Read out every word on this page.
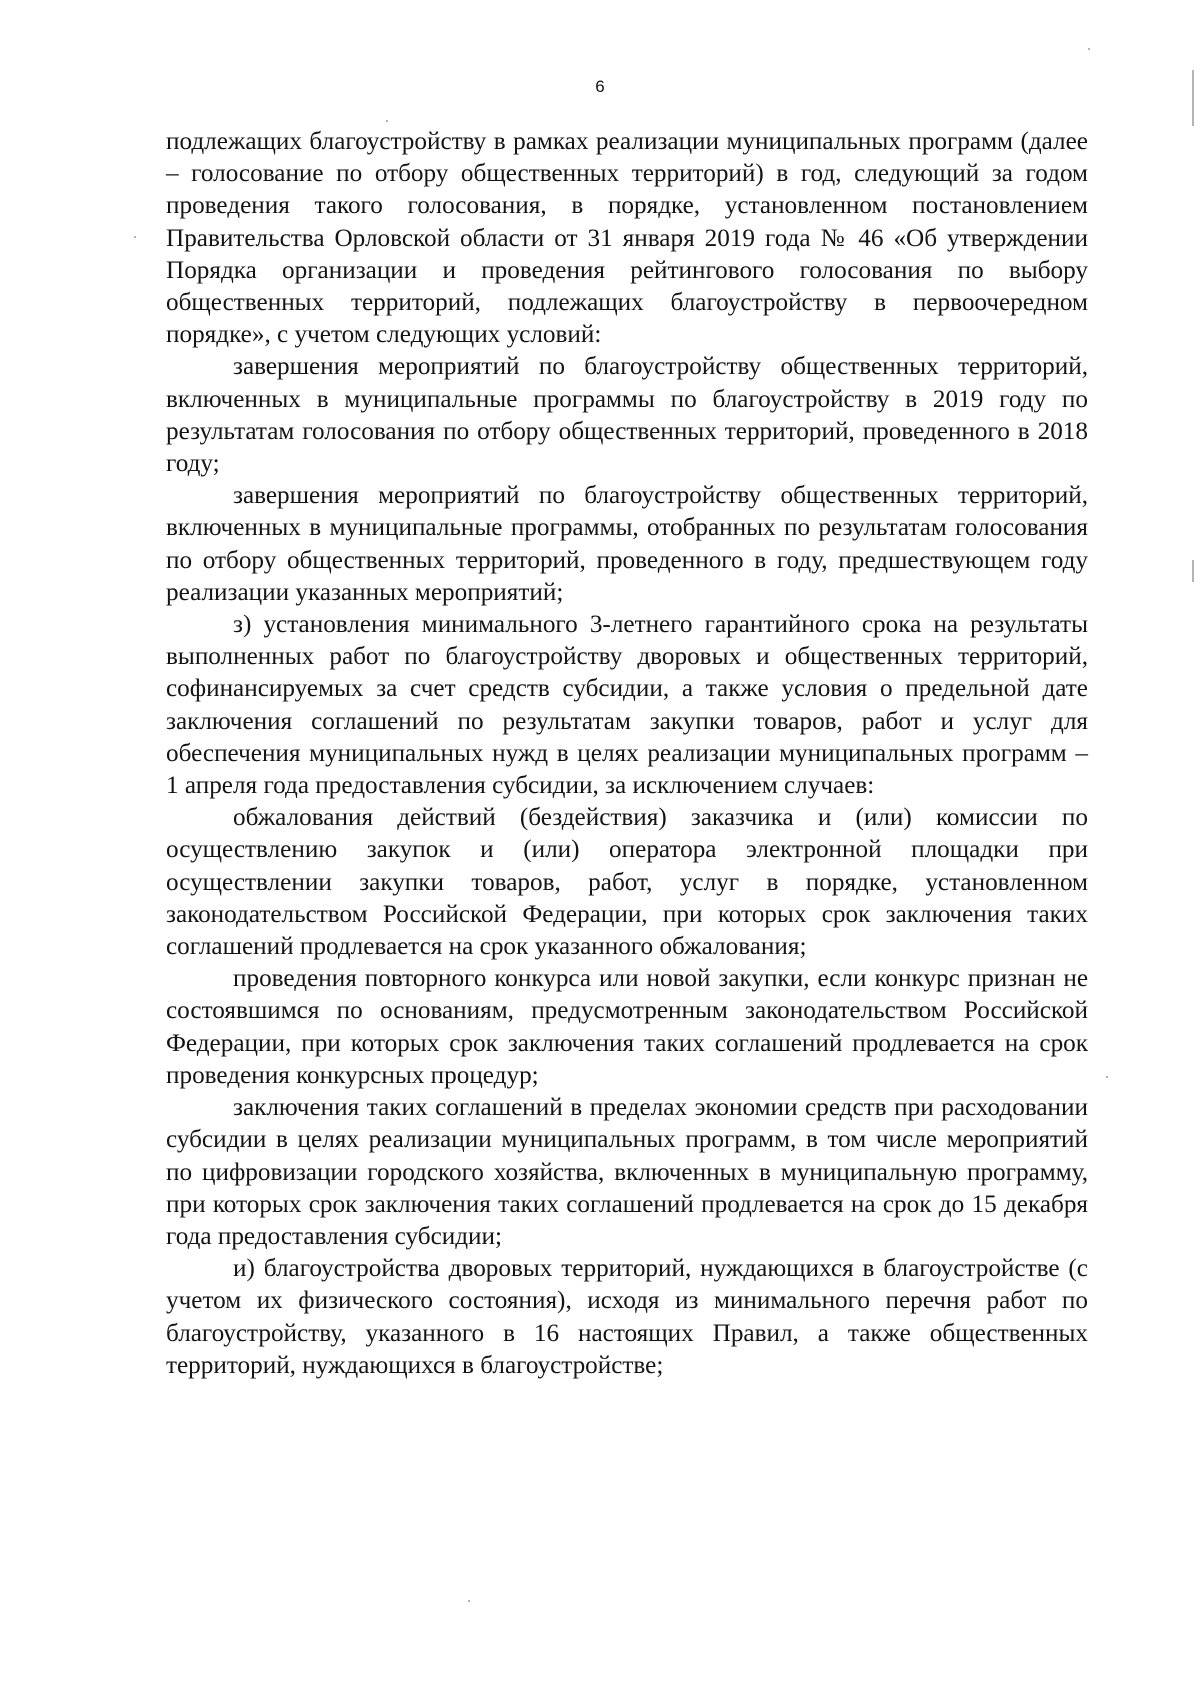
6

подлежащих благоустройству в рамках реализации муниципальных программ (далее – голосование по отбору общественных территорий) в год, следующий за годом проведения такого голосования, в порядке, установленном постановлением Правительства Орловской области от 31 января 2019 года № 46 «Об утверждении Порядка организации и проведения рейтингового голосования по выбору общественных территорий, подлежащих благоустройству в первоочередном порядке», с учетом следующих условий:

завершения мероприятий по благоустройству общественных территорий, включенных в муниципальные программы по благоустройству в 2019 году по результатам голосования по отбору общественных территорий, проведенного в 2018 году;

завершения мероприятий по благоустройству общественных территорий, включенных в муниципальные программы, отобранных по результатам голосования по отбору общественных территорий, проведенного в году, предшествующем году реализации указанных мероприятий;

з) установления минимального 3-летнего гарантийного срока на результаты выполненных работ по благоустройству дворовых и общественных территорий, софинансируемых за счет средств субсидии, а также условия о предельной дате заключения соглашений по результатам закупки товаров, работ и услуг для обеспечения муниципальных нужд в целях реализации муниципальных программ – 1 апреля года предоставления субсидии, за исключением случаев:

обжалования действий (бездействия) заказчика и (или) комиссии по осуществлению закупок и (или) оператора электронной площадки при осуществлении закупки товаров, работ, услуг в порядке, установленном законодательством Российской Федерации, при которых срок заключения таких соглашений продлевается на срок указанного обжалования;

проведения повторного конкурса или новой закупки, если конкурс признан не состоявшимся по основаниям, предусмотренным законодательством Российской Федерации, при которых срок заключения таких соглашений продлевается на срок проведения конкурсных процедур;

заключения таких соглашений в пределах экономии средств при расходовании субсидии в целях реализации муниципальных программ, в том числе мероприятий по цифровизации городского хозяйства, включенных в муниципальную программу, при которых срок заключения таких соглашений продлевается на срок до 15 декабря года предоставления субсидии;

и) благоустройства дворовых территорий, нуждающихся в благоустройстве (с учетом их физического состояния), исходя из минимального перечня работ по благоустройству, указанного в 16 настоящих Правил, а также общественных территорий, нуждающихся в благоустройстве;
